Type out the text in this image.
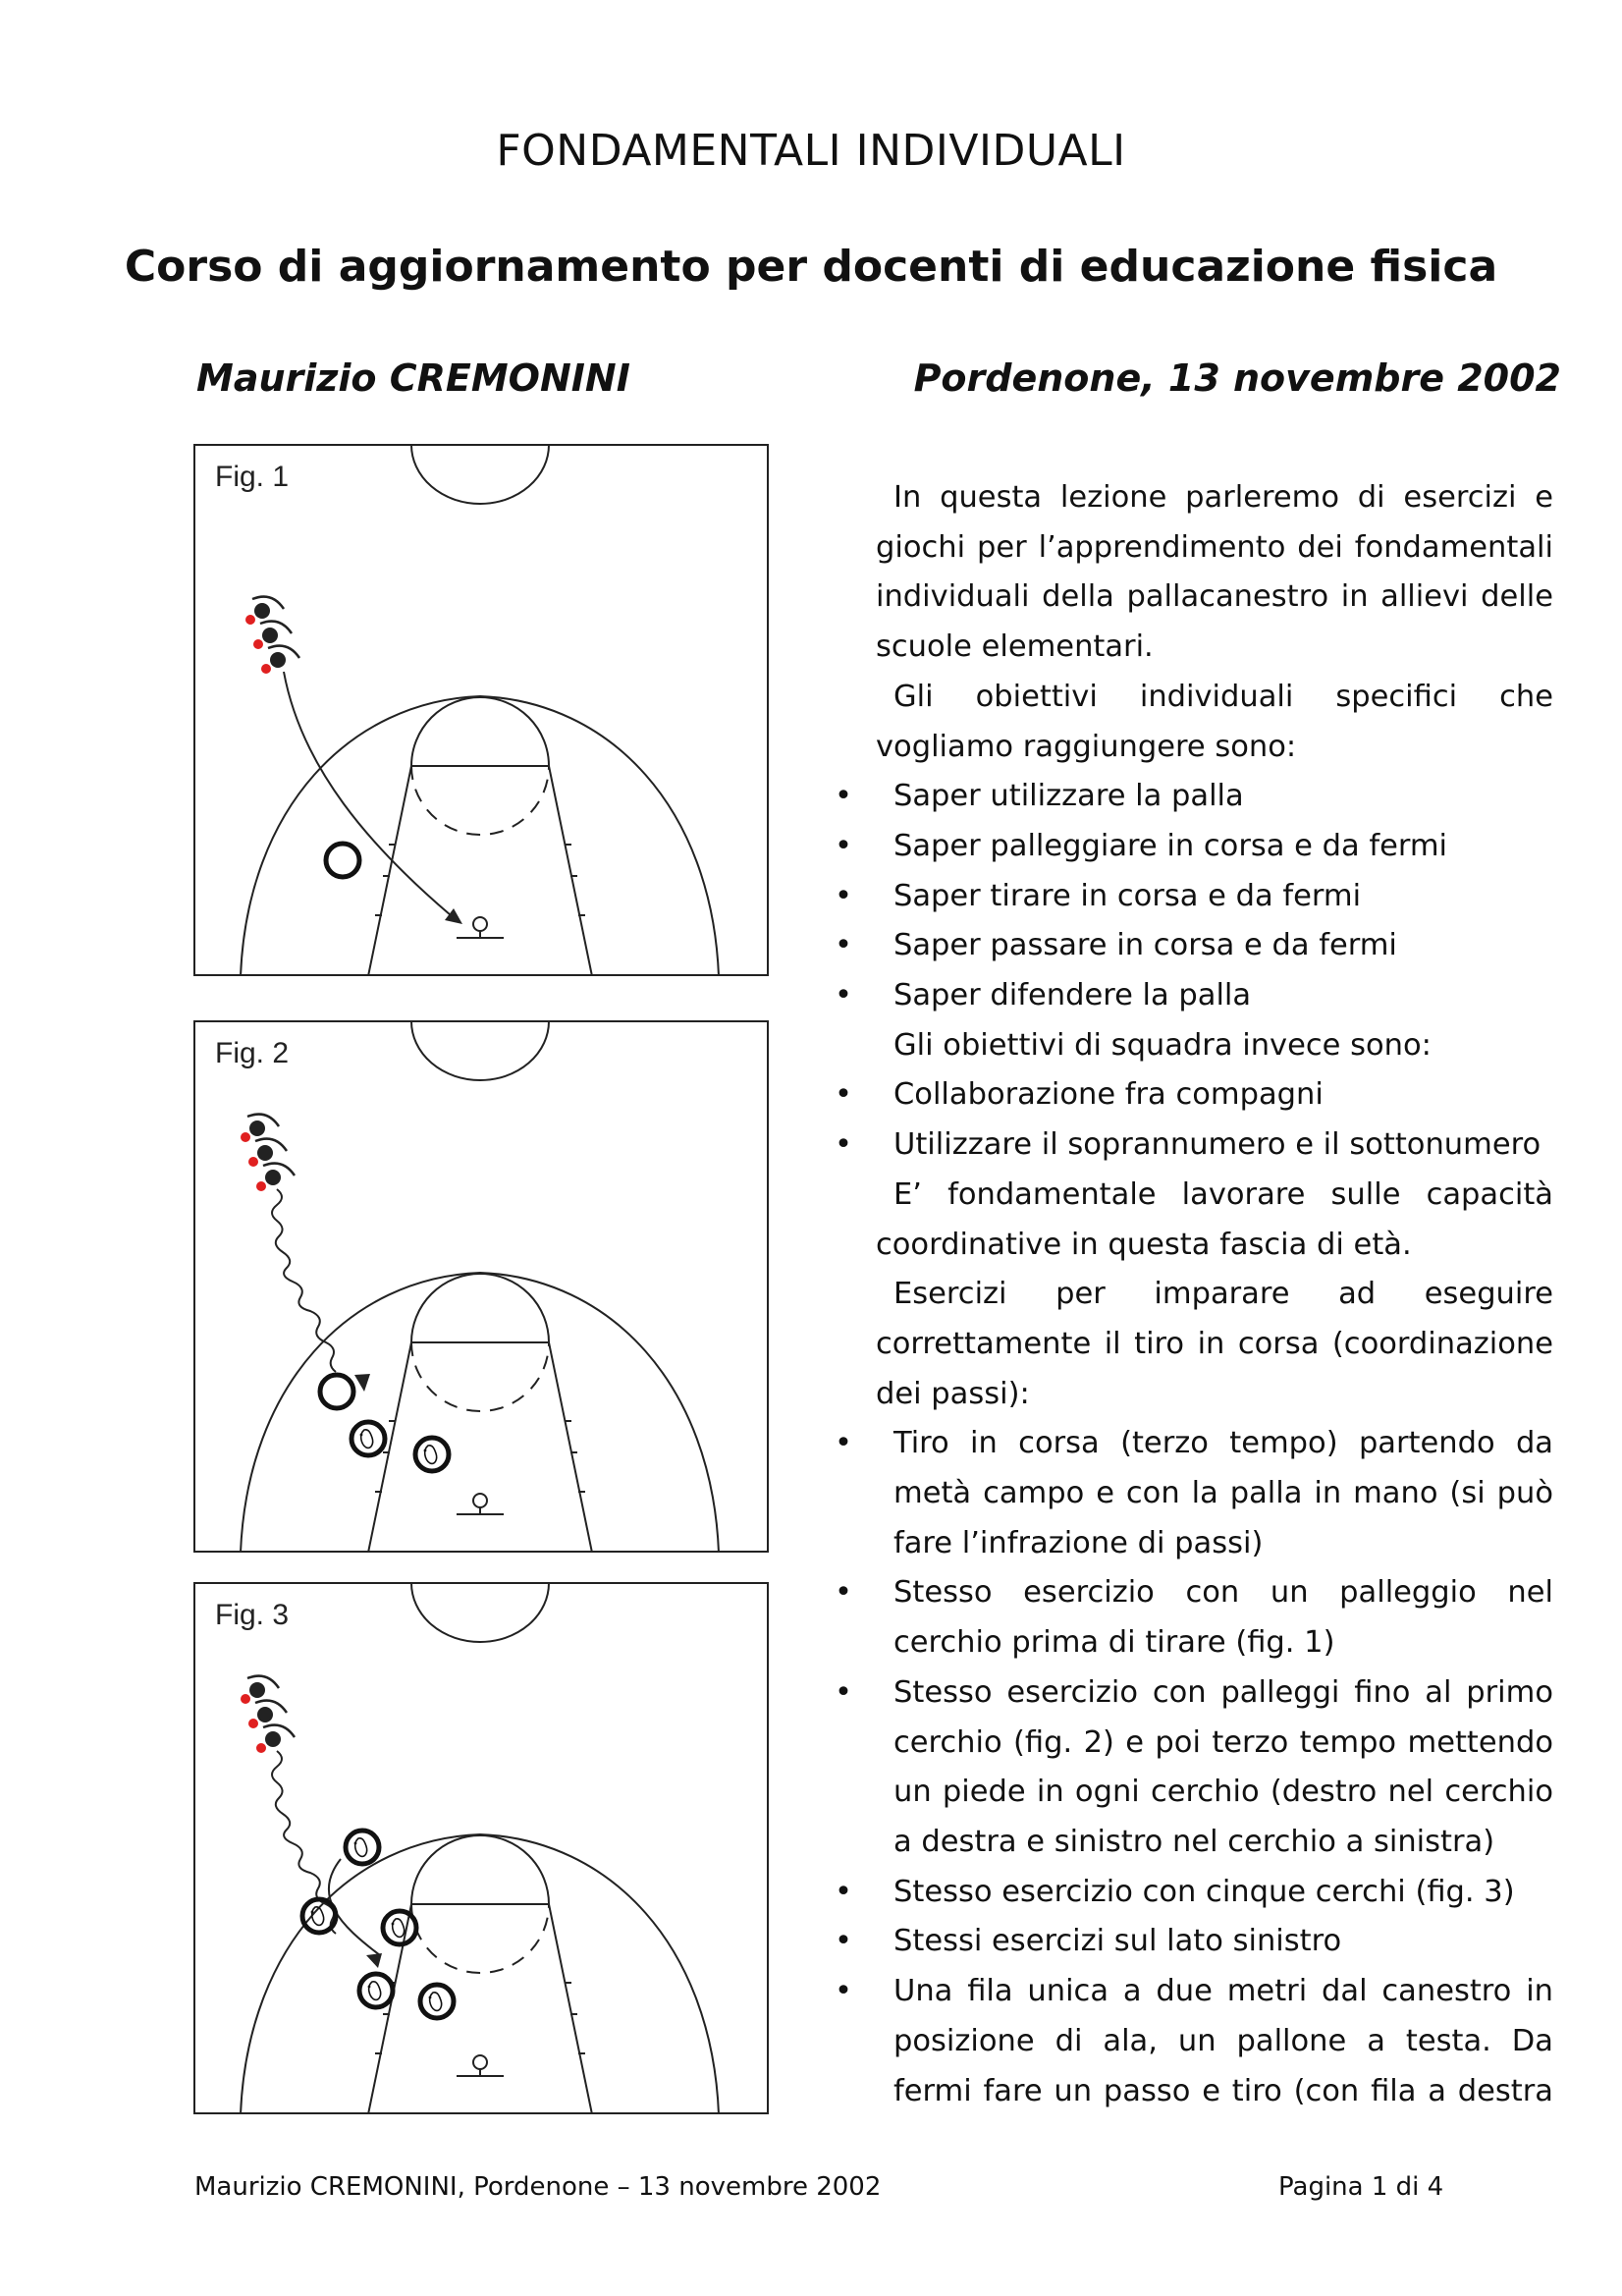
FONDAMENTALI INDIVIDUALI
Corso di aggiornamento per docenti di educazione fisica
Maurizio CREMONINI	Pordenone, 13 novembre 2002
Fig. 1
Fig. 2
Fig. 3

In questa lezione parleremo di esercizi e giochi per l’apprendimento dei fondamentali individuali della pallacanestro in allievi delle scuole elementari.

Gli obiettivi individuali specifici che vogliamo raggiungere sono:

• Saper utilizzare la palla
• Saper palleggiare in corsa e da fermi
• Saper tirare in corsa e da fermi
• Saper passare in corsa e da fermi
• Saper difendere la palla

Gli obiettivi di squadra invece sono:

• Collaborazione fra compagni
• Utilizzare il soprannumero e il sottonumero

E’ fondamentale lavorare sulle capacità coordinative in questa fascia di età.

Esercizi per imparare ad eseguire correttamente il tiro in corsa (coordinazione dei passi):

• Tiro in corsa (terzo tempo) partendo da metà campo e con la palla in mano (si può fare l’infrazione di passi)
• Stesso esercizio con un palleggio nel cerchio prima di tirare (fig. 1)
• Stesso esercizio con palleggi fino al primo cerchio (fig. 2) e poi terzo tempo mettendo un piede in ogni cerchio (destro nel cerchio a destra e sinistro nel cerchio a sinistra)
• Stesso esercizio con cinque cerchi (fig. 3)
• Stessi esercizi sul lato sinistro
• Una fila unica a due metri dal canestro in posizione di ala, un pallone a testa. Da fermi fare un passo e tiro (con fila a destra
Maurizio CREMONINI, Pordenone – 13 novembre 2002	Pagina 1 di 4
